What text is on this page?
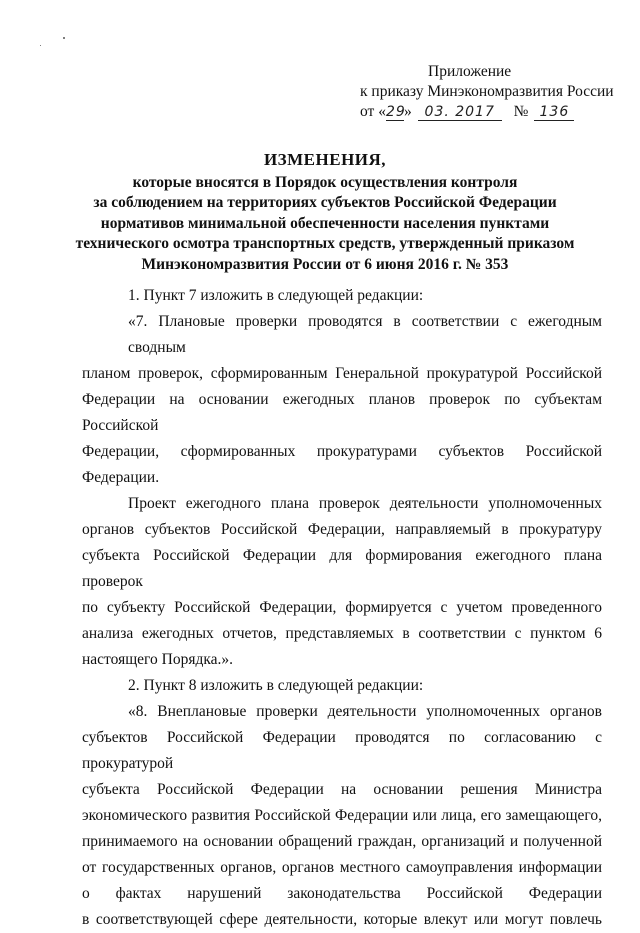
Приложение
к приказу Минэкономразвития России
от «29» 03. 2017 № 136
ИЗМЕНЕНИЯ,
которые вносятся в Порядок осуществления контроля
за соблюдением на территориях субъектов Российской Федерации
нормативов минимальной обеспеченности населения пунктами
технического осмотра транспортных средств, утвержденный приказом
Минэкономразвития России от 6 июня 2016 г. № 353
1. Пункт 7 изложить в следующей редакции:
«7. Плановые проверки проводятся в соответствии с ежегодным сводным
планом проверок, сформированным Генеральной прокуратурой Российской
Федерации на основании ежегодных планов проверок по субъектам Российской
Федерации, сформированных прокуратурами субъектов Российской
Федерации.
Проект ежегодного плана проверок деятельности уполномоченных
органов субъектов Российской Федерации, направляемый в прокуратуру
субъекта Российской Федерации для формирования ежегодного плана проверок
по субъекту Российской Федерации, формируется с учетом проведенного
анализа ежегодных отчетов, представляемых в соответствии с пунктом 6
настоящего Порядка.».
2. Пункт 8 изложить в следующей редакции:
«8. Внеплановые проверки деятельности уполномоченных органов
субъектов Российской Федерации проводятся по согласованию с прокуратурой
субъекта Российской Федерации на основании решения Министра
экономического развития Российской Федерации или лица, его замещающего,
принимаемого на основании обращений граждан, организаций и полученной
от государственных органов, органов местного самоуправления информации
о фактах нарушений законодательства Российской Федерации
в соответствующей сфере деятельности, которые влекут или могут повлечь
